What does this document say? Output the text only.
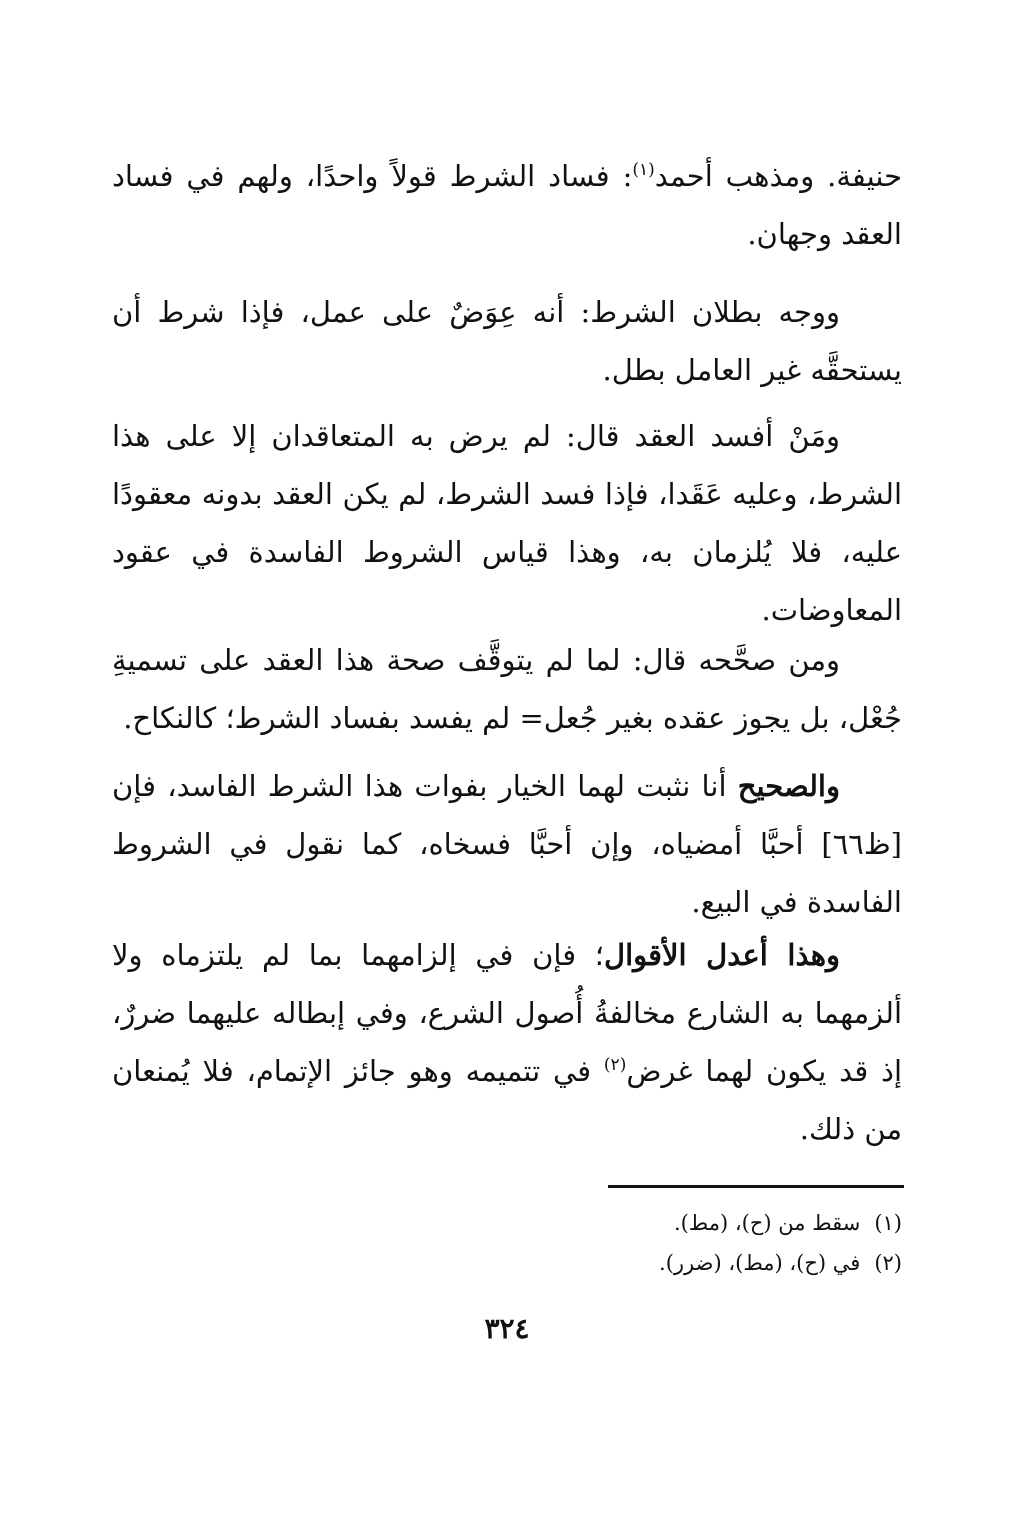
حنيفة. ومذهب أحمد$^{(١)}$: فساد الشرط قولاً واحدًا، ولهم في فساد العقد وجهان.

ووجه بطلان الشرط: أنه عِوَضٌ على عمل، فإذا شرط أن يستحقَّه غير العامل بطل.

ومَنْ أفسد العقد قال: لم يرض به المتعاقدان إلا على هذا الشرط، وعليه عَقَدا، فإذا فسد الشرط، لم يكن العقد بدونه معقودًا عليه، فلا يُلزمان به، وهذا قياس الشروط الفاسدة في عقود المعاوضات.

ومن صحَّحه قال: لما لم يتوقَّف صحة هذا العقد على تسميةِ جُعْل، بل يجوز عقده بغير جُعل= لم يفسد بفساد الشرط؛ كالنكاح.

والصحيح أنا نثبت لهما الخيار بفوات هذا الشرط الفاسد، فإن [ظ٦٦] أحبَّا أمضياه، وإن أحبَّا فسخاه، كما نقول في الشروط الفاسدة في البيع.

وهذا أعدل الأقوال؛ فإن في إلزامهما بما لم يلتزماه ولا ألزمهما به الشارع مخالفةُ أُصول الشرع، وفي إبطاله عليهما ضررٌ، إذ قد يكون لهما غرض$^{(٢)}$ في تتميمه وهو جائز الإتمام، فلا يُمنعان من ذلك.

(١)سقط من (ح)، (مط).

(٢)في (ح)، (مط)، (ضرر).

٣٢٤
